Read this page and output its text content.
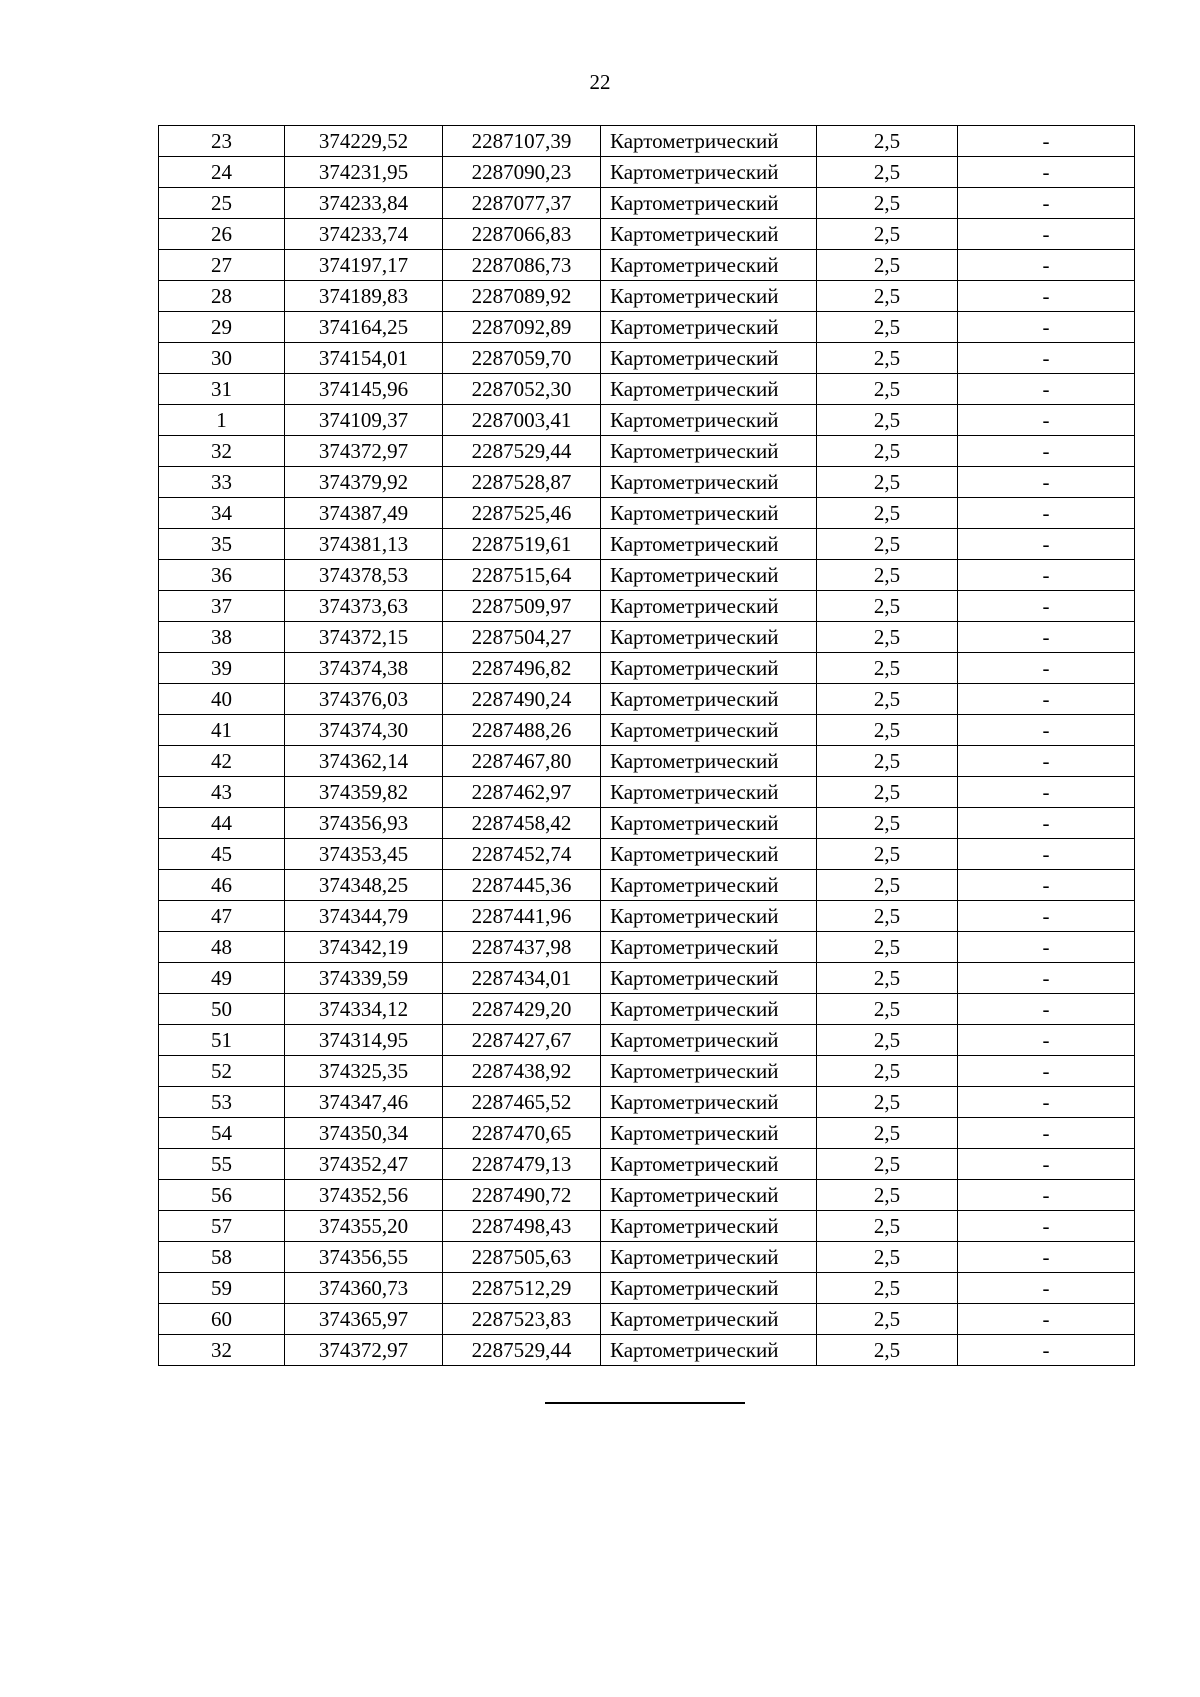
22
23	374229,52	2287107,39	Картометрический	2,5	-
24	374231,95	2287090,23	Картометрический	2,5	-
25	374233,84	2287077,37	Картометрический	2,5	-
26	374233,74	2287066,83	Картометрический	2,5	-
27	374197,17	2287086,73	Картометрический	2,5	-
28	374189,83	2287089,92	Картометрический	2,5	-
29	374164,25	2287092,89	Картометрический	2,5	-
30	374154,01	2287059,70	Картометрический	2,5	-
31	374145,96	2287052,30	Картометрический	2,5	-
1	374109,37	2287003,41	Картометрический	2,5	-
32	374372,97	2287529,44	Картометрический	2,5	-
33	374379,92	2287528,87	Картометрический	2,5	-
34	374387,49	2287525,46	Картометрический	2,5	-
35	374381,13	2287519,61	Картометрический	2,5	-
36	374378,53	2287515,64	Картометрический	2,5	-
37	374373,63	2287509,97	Картометрический	2,5	-
38	374372,15	2287504,27	Картометрический	2,5	-
39	374374,38	2287496,82	Картометрический	2,5	-
40	374376,03	2287490,24	Картометрический	2,5	-
41	374374,30	2287488,26	Картометрический	2,5	-
42	374362,14	2287467,80	Картометрический	2,5	-
43	374359,82	2287462,97	Картометрический	2,5	-
44	374356,93	2287458,42	Картометрический	2,5	-
45	374353,45	2287452,74	Картометрический	2,5	-
46	374348,25	2287445,36	Картометрический	2,5	-
47	374344,79	2287441,96	Картометрический	2,5	-
48	374342,19	2287437,98	Картометрический	2,5	-
49	374339,59	2287434,01	Картометрический	2,5	-
50	374334,12	2287429,20	Картометрический	2,5	-
51	374314,95	2287427,67	Картометрический	2,5	-
52	374325,35	2287438,92	Картометрический	2,5	-
53	374347,46	2287465,52	Картометрический	2,5	-
54	374350,34	2287470,65	Картометрический	2,5	-
55	374352,47	2287479,13	Картометрический	2,5	-
56	374352,56	2287490,72	Картометрический	2,5	-
57	374355,20	2287498,43	Картометрический	2,5	-
58	374356,55	2287505,63	Картометрический	2,5	-
59	374360,73	2287512,29	Картометрический	2,5	-
60	374365,97	2287523,83	Картометрический	2,5	-
32	374372,97	2287529,44	Картометрический	2,5	-
